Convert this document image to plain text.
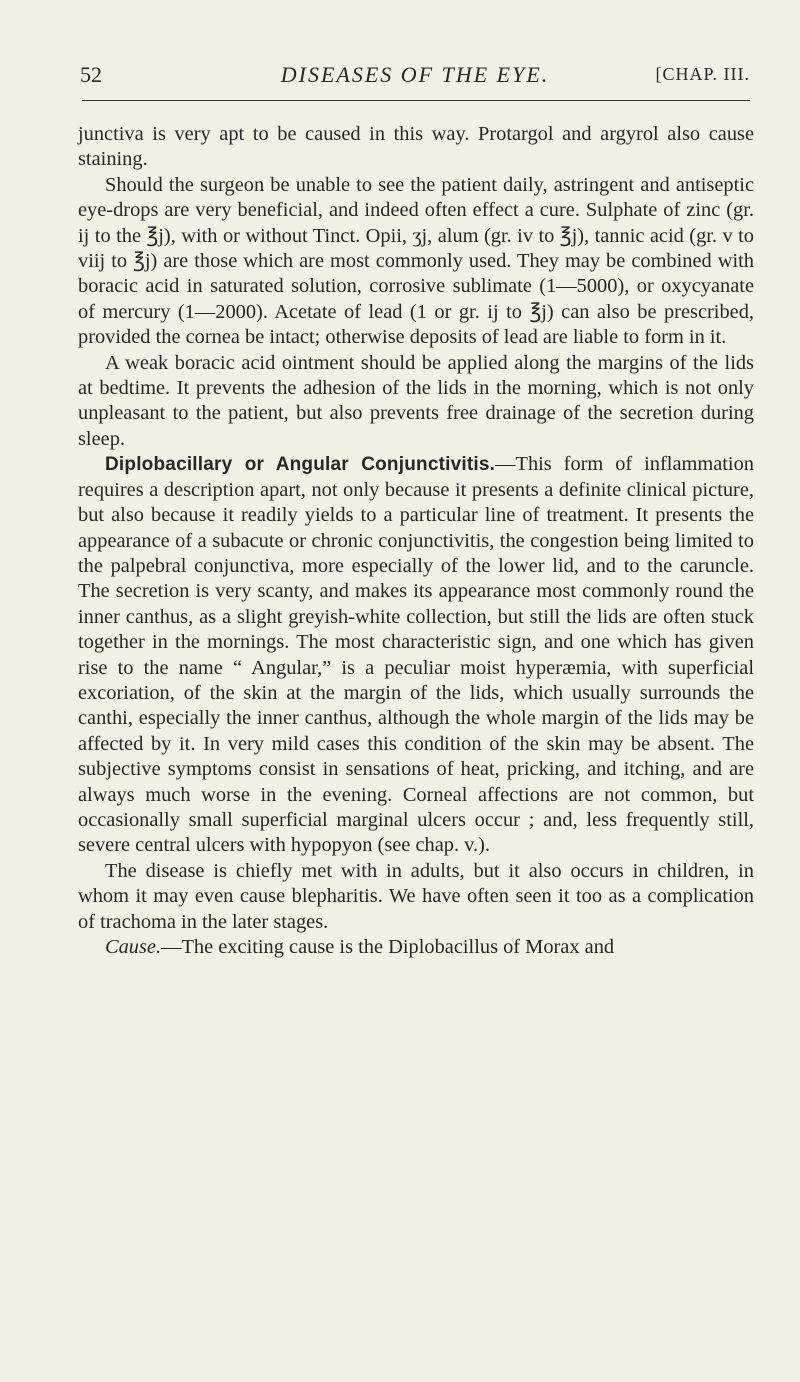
52	DISEASES OF THE EYE.	[CHAP. III.

junctiva is very apt to be caused in this way. Protargol and argyrol also cause staining.

Should the surgeon be unable to see the patient daily, astringent and antiseptic eye-drops are very beneficial, and indeed often effect a cure. Sulphate of zinc (gr. ij to the ℥j), with or without Tinct. Opii, ʒj, alum (gr. iv to ℥j), tannic acid (gr. v to viij to ℥j) are those which are most commonly used. They may be combined with boracic acid in saturated solution, corrosive sublimate (1—5000), or oxycyanate of mercury (1—2000). Acetate of lead (1 or gr. ij to ℥j) can also be prescribed, provided the cornea be intact; otherwise deposits of lead are liable to form in it.

A weak boracic acid ointment should be applied along the margins of the lids at bedtime. It prevents the adhesion of the lids in the morning, which is not only unpleasant to the patient, but also prevents free drainage of the secretion during sleep.

Diplobacillary or Angular Conjunctivitis.—This form of inflammation requires a description apart, not only because it presents a definite clinical picture, but also because it readily yields to a particular line of treatment. It presents the appearance of a subacute or chronic conjunctivitis, the congestion being limited to the palpebral conjunctiva, more especially of the lower lid, and to the caruncle. The secretion is very scanty, and makes its appearance most commonly round the inner canthus, as a slight greyish-white collection, but still the lids are often stuck together in the mornings. The most characteristic sign, and one which has given rise to the name “ Angular,” is a peculiar moist hyperæmia, with superficial excoriation, of the skin at the margin of the lids, which usually surrounds the canthi, especially the inner canthus, although the whole margin of the lids may be affected by it. In very mild cases this condition of the skin may be absent. The subjective symptoms consist in sensations of heat, pricking, and itching, and are always much worse in the evening. Corneal affections are not common, but occasionally small superficial marginal ulcers occur ; and, less frequently still, severe central ulcers with hypopyon (see chap. v.).

The disease is chiefly met with in adults, but it also occurs in children, in whom it may even cause blepharitis. We have often seen it too as a complication of trachoma in the later stages.

Cause.—The exciting cause is the Diplobacillus of Morax and
